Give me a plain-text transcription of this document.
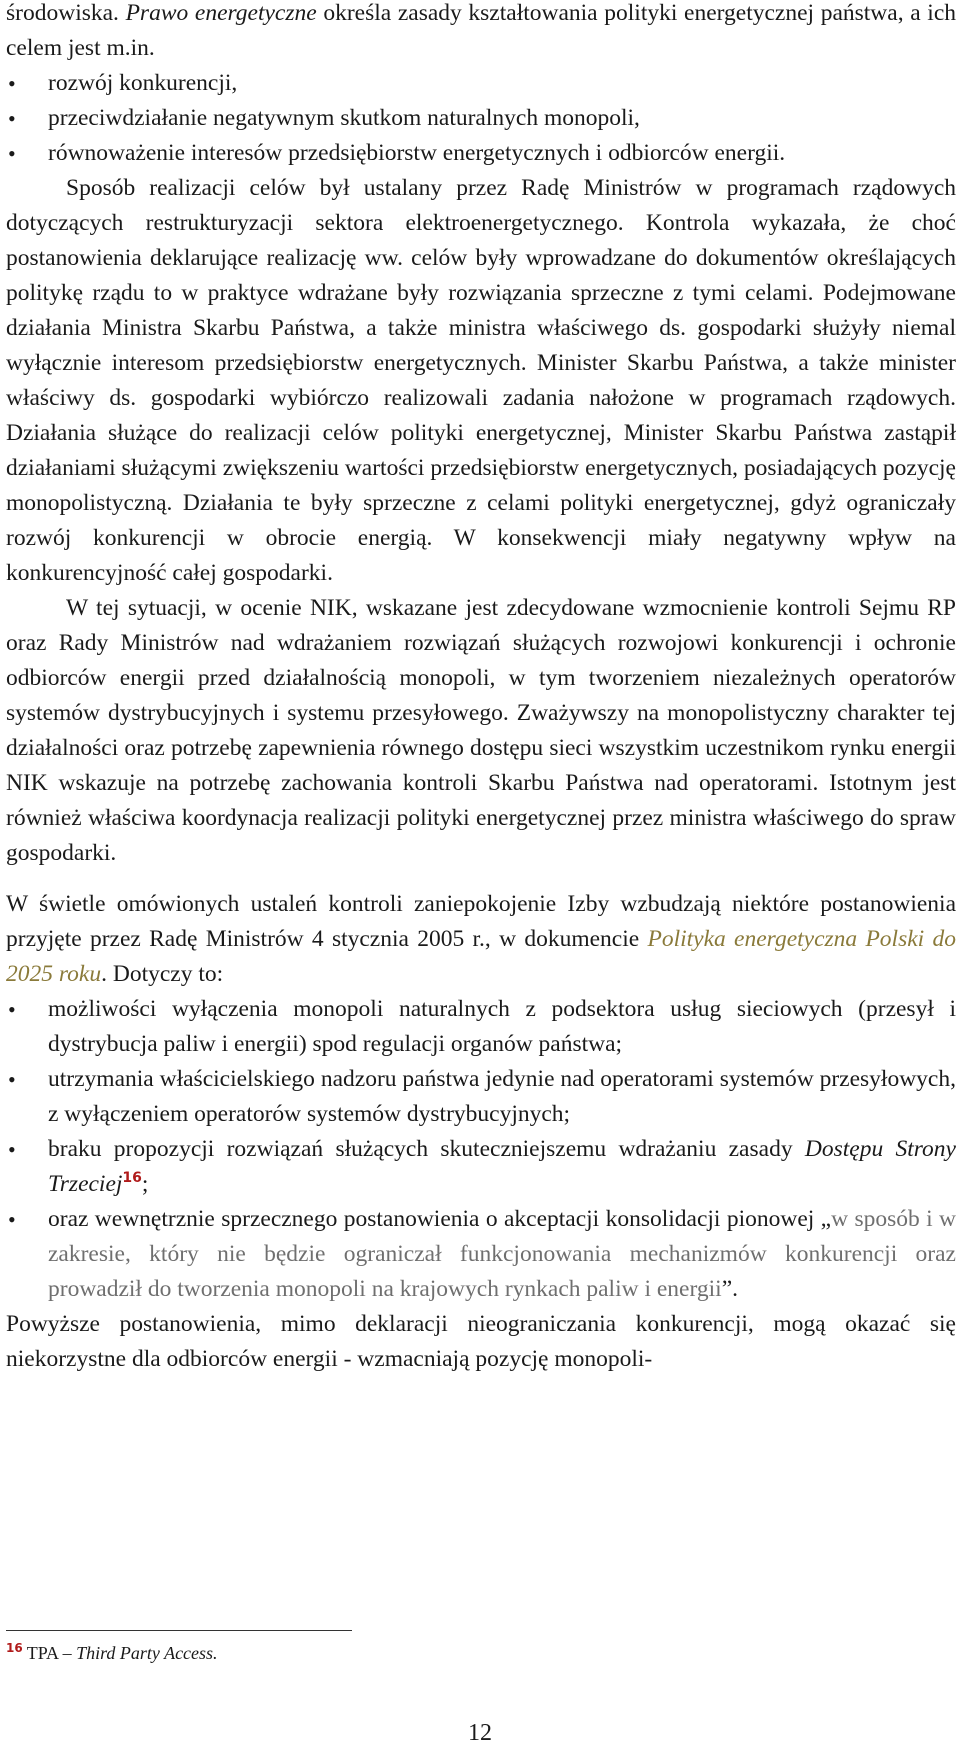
środowiska. Prawo energetyczne określa zasady kształtowania polityki energetycznej państwa, a ich celem jest m.in.

• rozwój konkurencji,
• przeciwdziałanie negatywnym skutkom naturalnych monopoli,
• równoważenie interesów przedsiębiorstw energetycznych i odbiorców energii.

Sposób realizacji celów był ustalany przez Radę Ministrów w programach rządowych dotyczących restrukturyzacji sektora elektroenergetycznego. Kontrola wykazała, że choć postanowienia deklarujące realizację ww. celów były wprowadzane do dokumentów określających politykę rządu to w praktyce wdrażane były rozwiązania sprzeczne z tymi celami. Podejmowane działania Ministra Skarbu Państwa, a także ministra właściwego ds. gospodarki służyły niemal wyłącznie interesom przedsiębiorstw energetycznych. Minister Skarbu Państwa, a także minister właściwy ds. gospodarki wybiórczo realizowali zadania nałożone w programach rządowych. Działania służące do realizacji celów polityki energetycznej, Minister Skarbu Państwa zastąpił działaniami służącymi zwiększeniu wartości przedsiębiorstw energetycznych, posiadających pozycję monopolistyczną. Działania te były sprzeczne z celami polityki energetycznej, gdyż ograniczały rozwój konkurencji w obrocie energią. W konsekwencji miały negatywny wpływ na konkurencyjność całej gospodarki.

W tej sytuacji, w ocenie NIK, wskazane jest zdecydowane wzmocnienie kontroli Sejmu RP oraz Rady Ministrów nad wdrażaniem rozwiązań służących rozwojowi konkurencji i ochronie odbiorców energii przed działalnością monopoli, w tym tworzeniem niezależnych operatorów systemów dystrybucyjnych i systemu przesyłowego. Zważywszy na monopolistyczny charakter tej działalności oraz potrzebę zapewnienia równego dostępu sieci wszystkim uczestnikom rynku energii NIK wskazuje na potrzebę zachowania kontroli Skarbu Państwa nad operatorami. Istotnym jest również właściwa koordynacja realizacji polityki energetycznej przez ministra właściwego do spraw gospodarki.

W świetle omówionych ustaleń kontroli zaniepokojenie Izby wzbudzają niektóre postanowienia przyjęte przez Radę Ministrów 4 stycznia 2005 r., w dokumencie Polityka energetyczna Polski do 2025 roku. Dotyczy to:

• możliwości wyłączenia monopoli naturalnych z podsektora usług sieciowych (przesył i dystrybucja paliw i energii) spod regulacji organów państwa;
• utrzymania właścicielskiego nadzoru państwa jedynie nad operatorami systemów przesyłowych, z wyłączeniem operatorów systemów dystrybucyjnych;
• braku propozycji rozwiązań służących skuteczniejszemu wdrażaniu zasady Dostępu Strony Trzeciej$^{16}$;
• oraz wewnętrznie sprzecznego postanowienia o akceptacji konsolidacji pionowej „w sposób i w zakresie, który nie będzie ograniczał funkcjonowania mechanizmów konkurencji oraz prowadził do tworzenia monopoli na krajowych rynkach paliw i energii”.

Powyższe postanowienia, mimo deklaracji nieograniczania konkurencji, mogą okazać się niekorzystne dla odbiorców energii - wzmacniają pozycję monopoli-

$^{16}$ TPA – Third Party Access.
12
